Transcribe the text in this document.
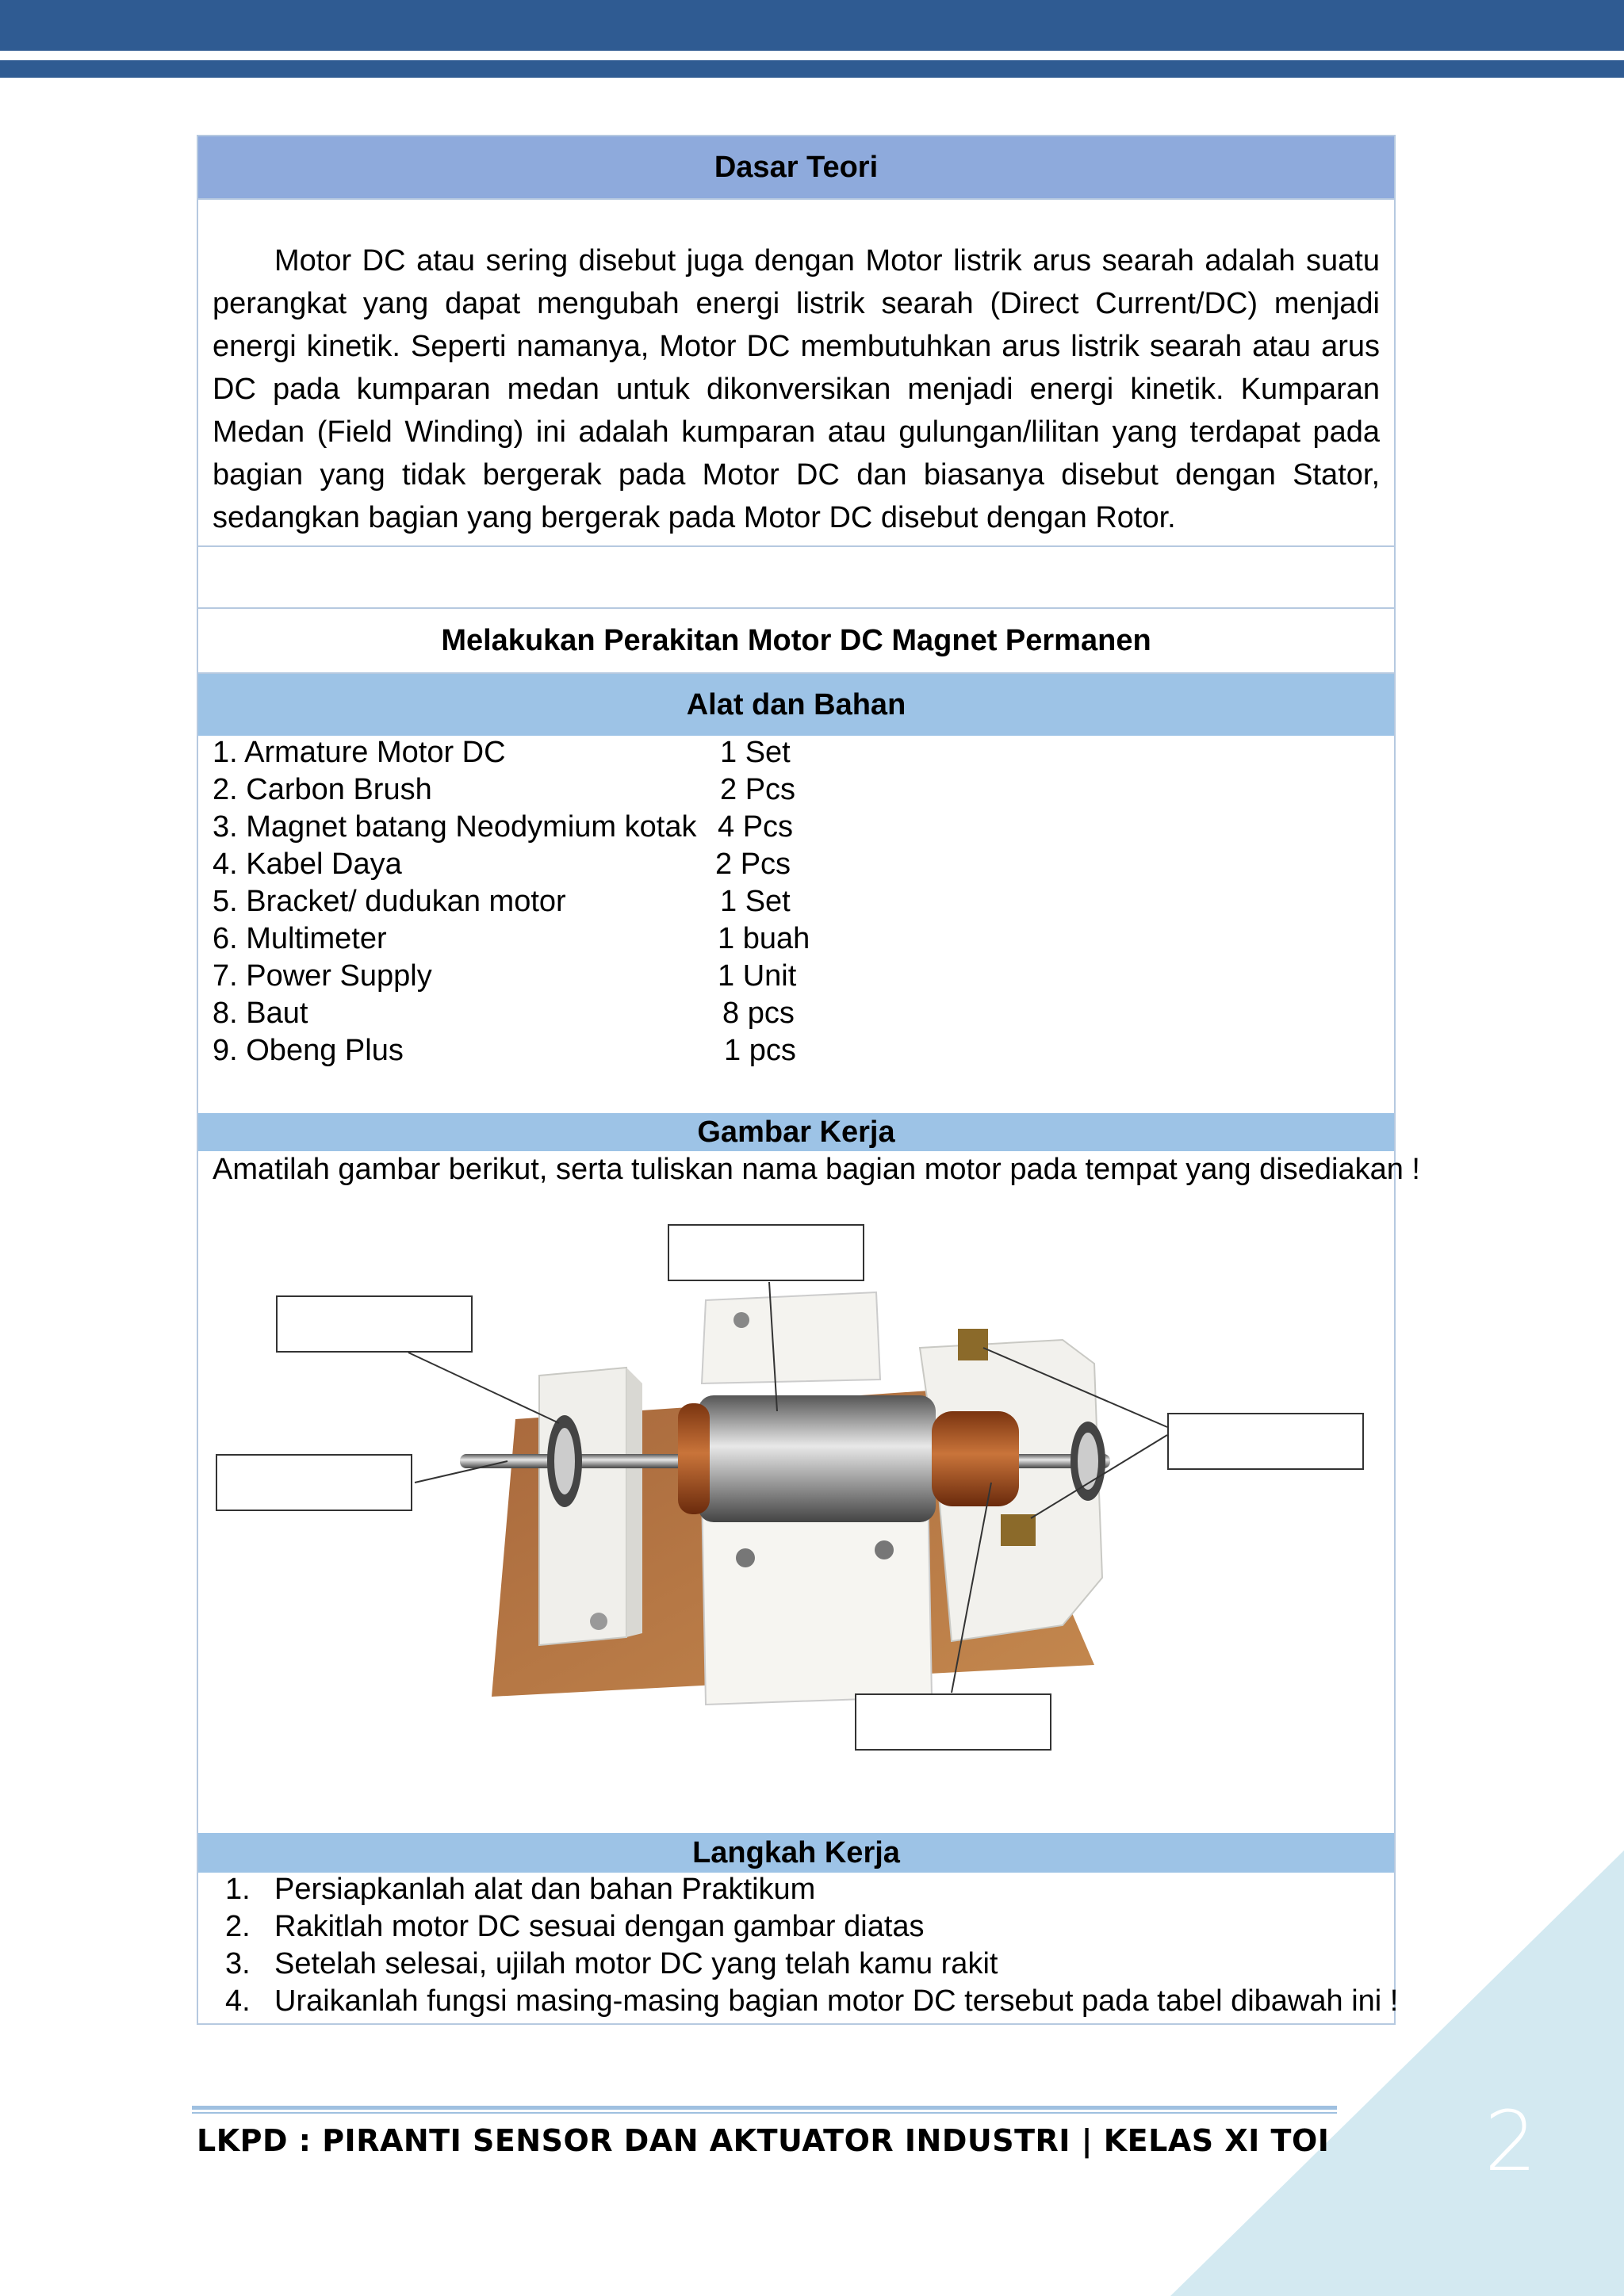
Dasar Teori
Motor DC atau sering disebut juga dengan Motor listrik arus searah adalah suatu perangkat yang dapat mengubah energi listrik searah (Direct Current/DC) menjadi energi kinetik. Seperti namanya, Motor DC membutuhkan arus listrik searah atau arus DC pada kumparan medan untuk dikonversikan menjadi energi kinetik. Kumparan Medan (Field Winding) ini adalah kumparan atau gulungan/lilitan yang terdapat pada bagian yang tidak bergerak pada Motor DC dan biasanya disebut dengan Stator, sedangkan bagian yang bergerak pada Motor DC disebut dengan Rotor.
Melakukan Perakitan Motor DC Magnet Permanen
Alat dan Bahan
1. Armature Motor DC	1 Set
2. Carbon Brush	2 Pcs
3. Magnet batang Neodymium kotak 4 Pcs
4. Kabel Daya	2 Pcs
5. Bracket/ dudukan motor	1 Set
6. Multimeter	1 buah
7. Power Supply	1 Unit
8. Baut	8 pcs
9. Obeng Plus	1 pcs
Gambar Kerja
Amatilah gambar berikut, serta tuliskan nama bagian motor pada tempat yang disediakan !
Langkah Kerja
1. Persiapkanlah alat dan bahan Praktikum
2. Rakitlah motor DC sesuai dengan gambar diatas
3. Setelah selesai, ujilah motor DC yang telah kamu rakit
4. Uraikanlah fungsi masing-masing bagian motor DC tersebut pada tabel dibawah ini !
LKPD : PIRANTI SENSOR DAN AKTUATOR INDUSTRI | KELAS XI TOI 2
